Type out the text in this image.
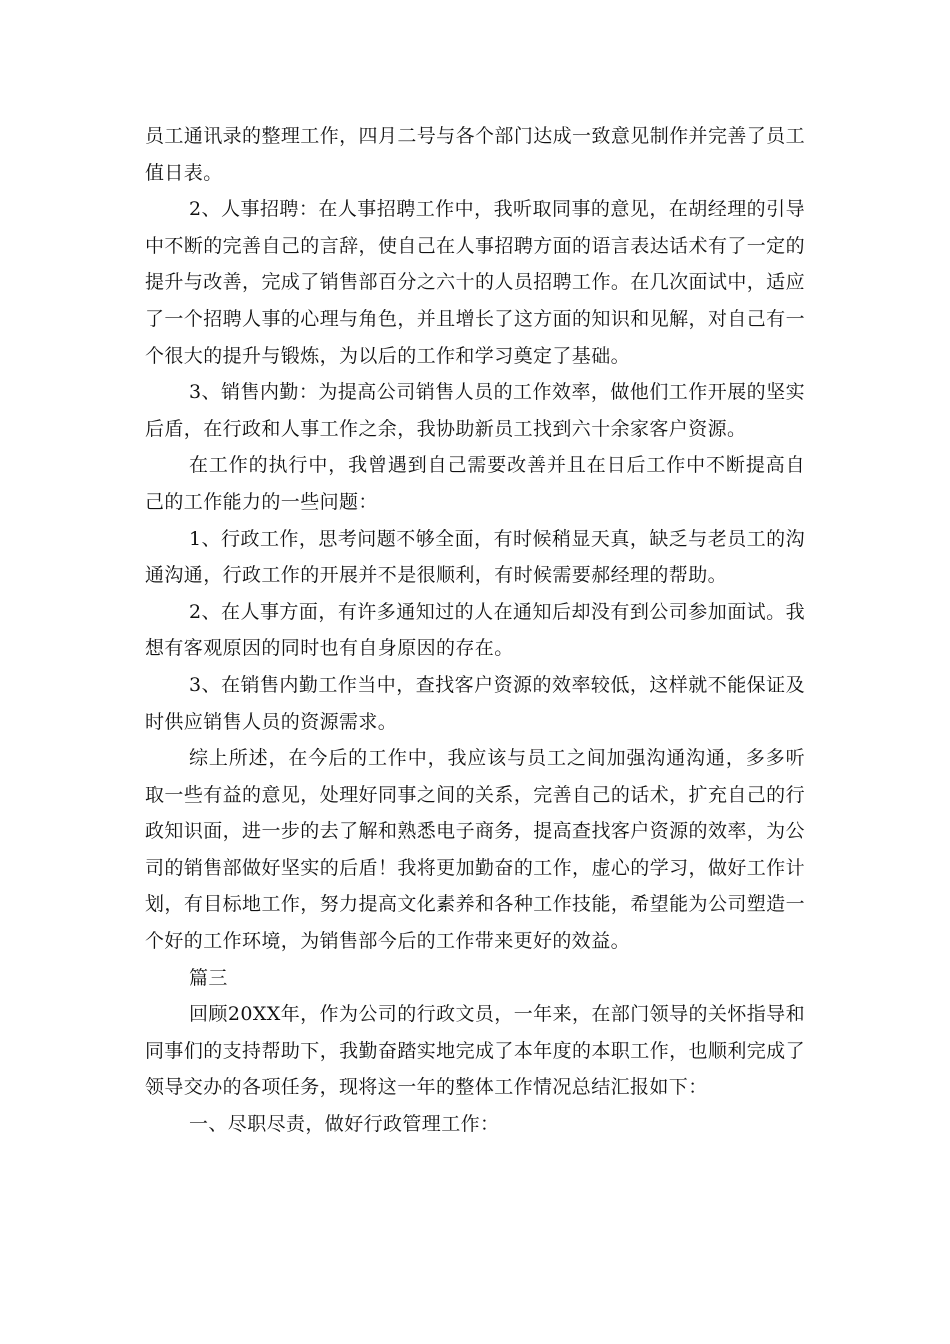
员工通讯录的整理工作，四月二号与各个部门达成一致意见制作并完善了员工值日表。

2、人事招聘：在人事招聘工作中，我听取同事的意见，在胡经理的引导中不断的完善自己的言辞，使自己在人事招聘方面的语言表达话术有了一定的提升与改善，完成了销售部百分之六十的人员招聘工作。在几次面试中，适应了一个招聘人事的心理与角色，并且增长了这方面的知识和见解，对自己有一个很大的提升与锻炼，为以后的工作和学习奠定了基础。

3、销售内勤：为提高公司销售人员的工作效率，做他们工作开展的坚实后盾，在行政和人事工作之余，我协助新员工找到六十余家客户资源。

在工作的执行中，我曾遇到自己需要改善并且在日后工作中不断提高自己的工作能力的一些问题：

1、行政工作，思考问题不够全面，有时候稍显天真，缺乏与老员工的沟通沟通，行政工作的开展并不是很顺利，有时候需要郝经理的帮助。

2、在人事方面，有许多通知过的人在通知后却没有到公司参加面试。我想有客观原因的同时也有自身原因的存在。

3、在销售内勤工作当中，查找客户资源的效率较低，这样就不能保证及时供应销售人员的资源需求。

综上所述，在今后的工作中，我应该与员工之间加强沟通沟通，多多听取一些有益的意见，处理好同事之间的关系，完善自己的话术，扩充自己的行政知识面，进一步的去了解和熟悉电子商务，提高查找客户资源的效率，为公司的销售部做好坚实的后盾！我将更加勤奋的工作，虚心的学习，做好工作计划，有目标地工作，努力提高文化素养和各种工作技能，希望能为公司塑造一个好的工作环境，为销售部今后的工作带来更好的效益。

篇三

回顾20XX年，作为公司的行政文员，一年来，在部门领导的关怀指导和同事们的支持帮助下，我勤奋踏实地完成了本年度的本职工作，也顺利完成了领导交办的各项任务，现将这一年的整体工作情况总结汇报如下：

一、尽职尽责，做好行政管理工作：
